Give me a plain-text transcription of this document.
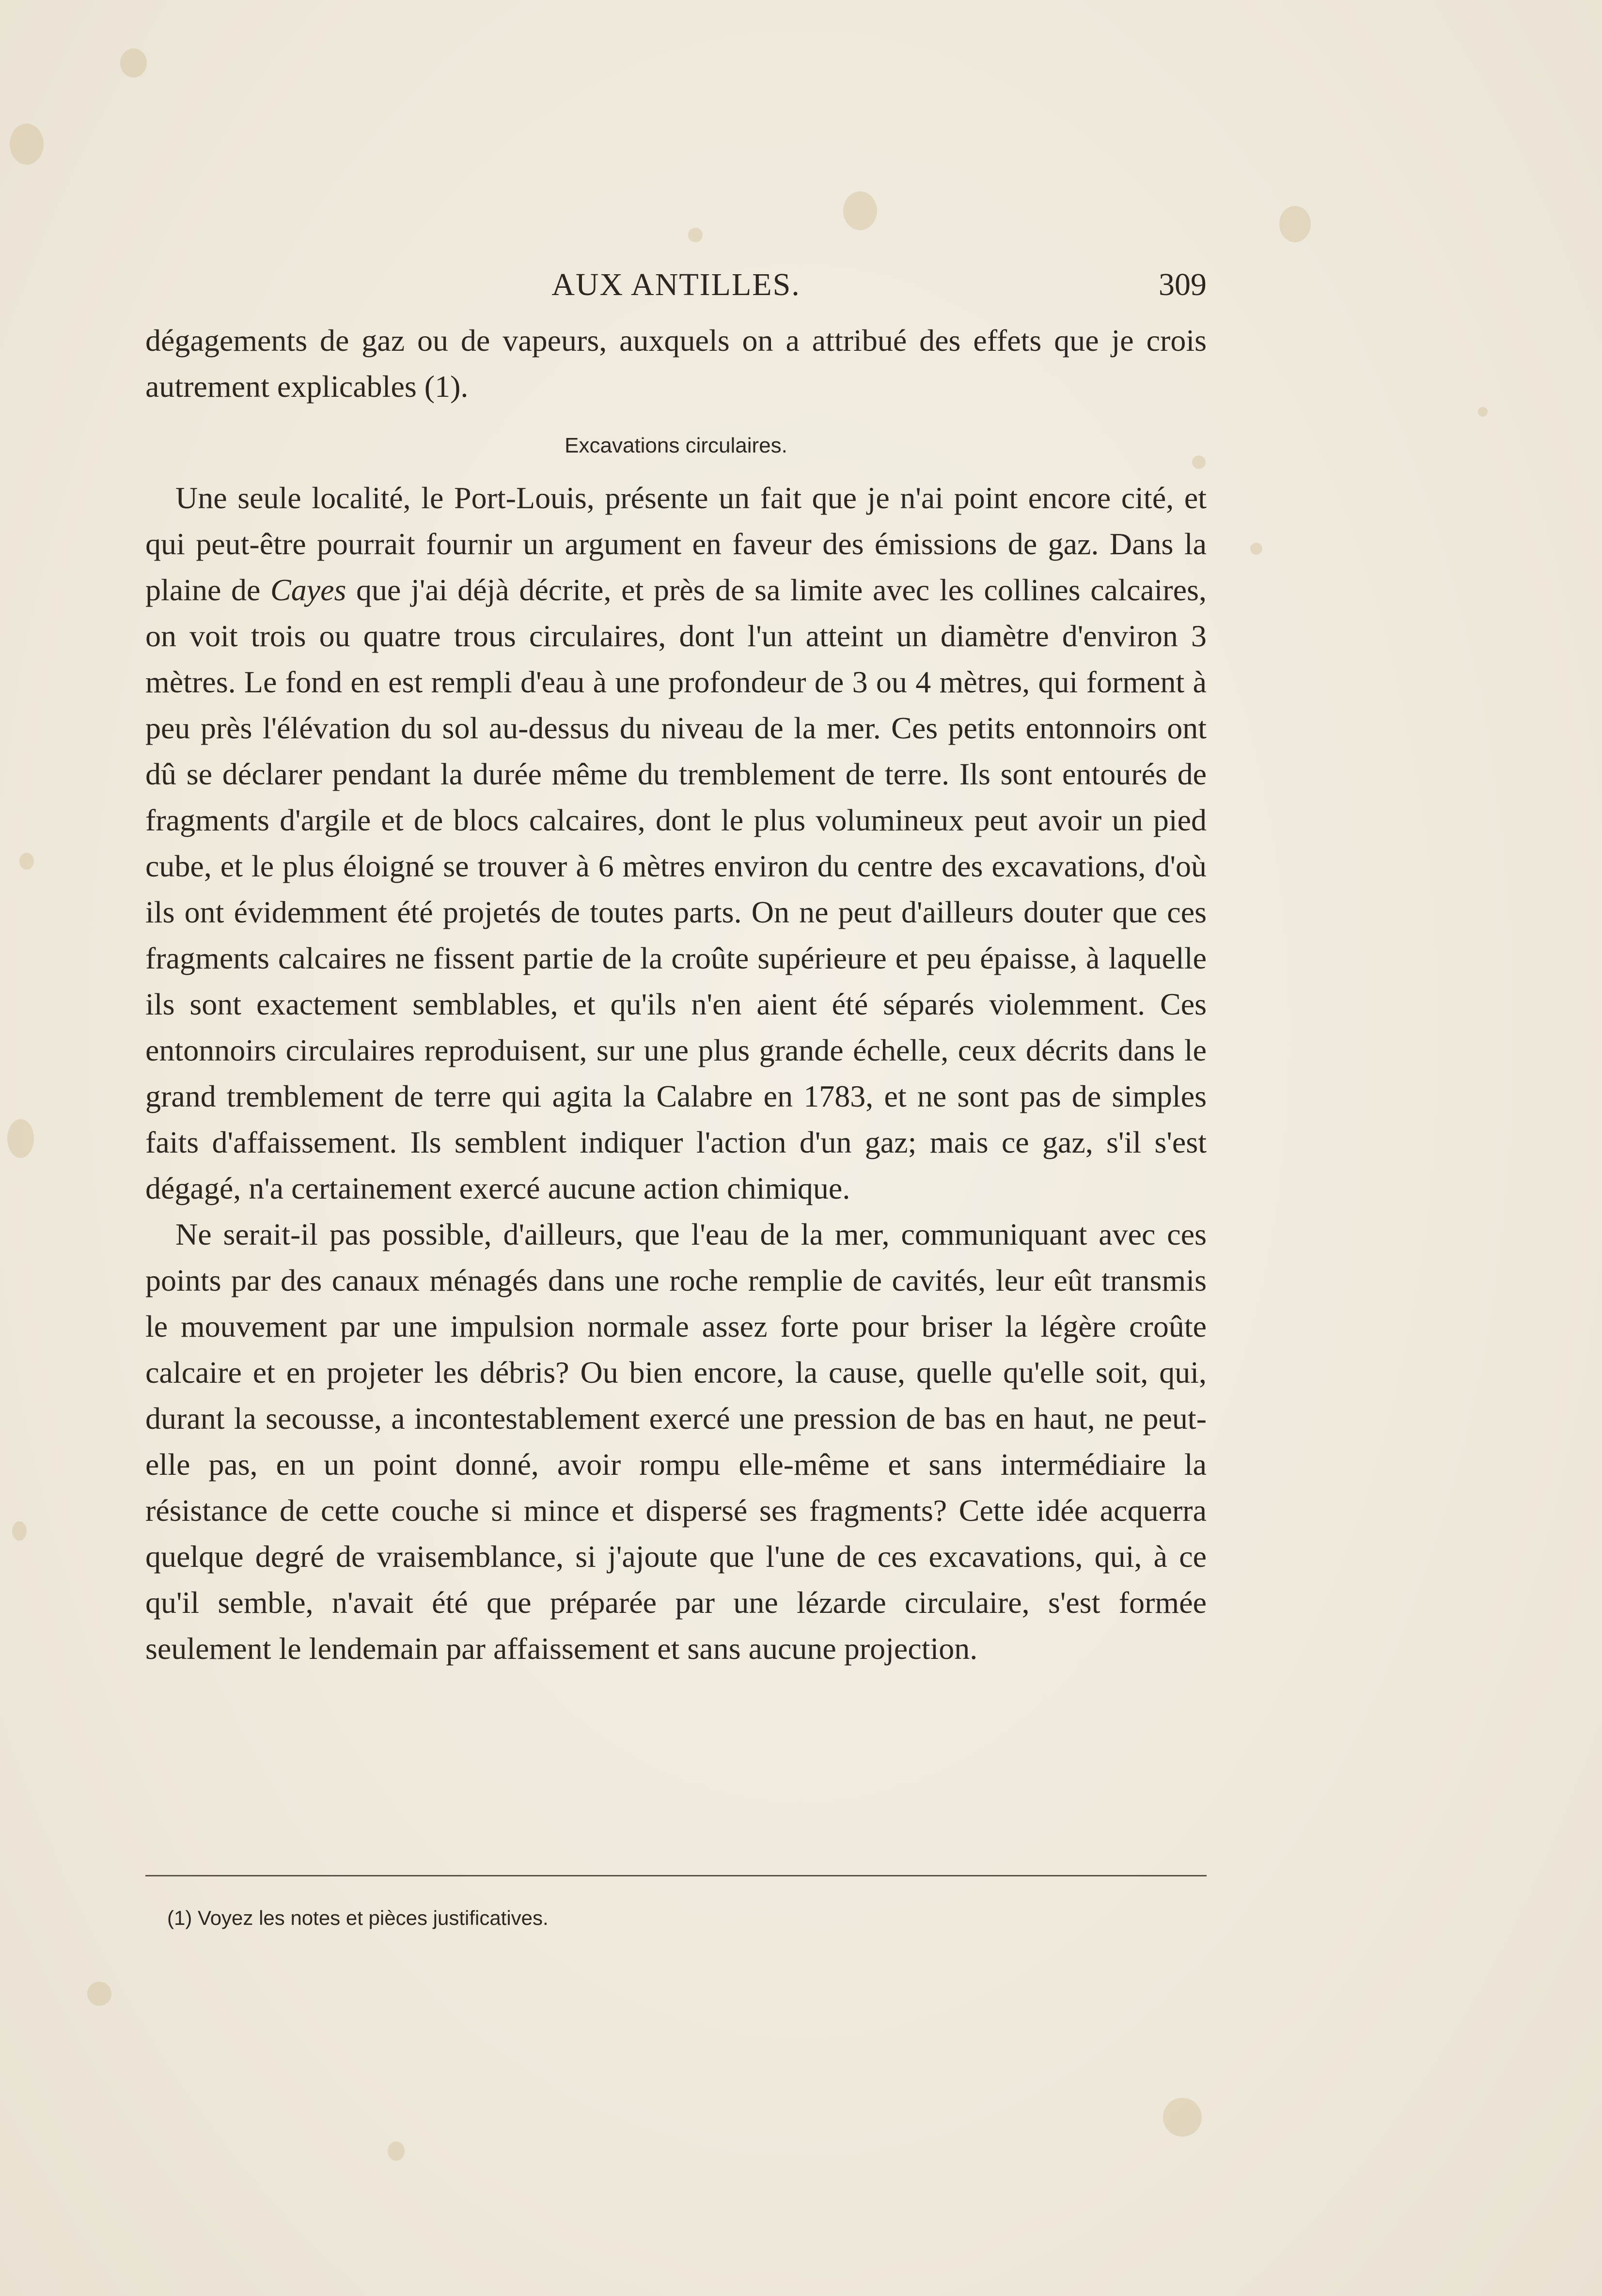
AUX ANTILLES.	309

dégagements de gaz ou de vapeurs, auxquels on a attribué des effets que je crois autrement explicables (1).

Excavations circulaires.

Une seule localité, le Port-Louis, présente un fait que je n'ai point encore cité, et qui peut-être pourrait fournir un argument en faveur des émissions de gaz. Dans la plaine de Cayes que j'ai déjà décrite, et près de sa limite avec les collines calcaires, on voit trois ou quatre trous circulaires, dont l'un atteint un diamètre d'environ 3 mètres. Le fond en est rempli d'eau à une profondeur de 3 ou 4 mètres, qui forment à peu près l'élévation du sol au-dessus du niveau de la mer. Ces petits entonnoirs ont dû se déclarer pendant la durée même du tremblement de terre. Ils sont entourés de fragments d'argile et de blocs calcaires, dont le plus volumineux peut avoir un pied cube, et le plus éloigné se trouver à 6 mètres environ du centre des excavations, d'où ils ont évidemment été projetés de toutes parts. On ne peut d'ailleurs douter que ces fragments calcaires ne fissent partie de la croûte supérieure et peu épaisse, à laquelle ils sont exactement semblables, et qu'ils n'en aient été séparés violemment. Ces entonnoirs circulaires reproduisent, sur une plus grande échelle, ceux décrits dans le grand tremblement de terre qui agita la Calabre en 1783, et ne sont pas de simples faits d'affaissement. Ils semblent indiquer l'action d'un gaz; mais ce gaz, s'il s'est dégagé, n'a certainement exercé aucune action chimique.

Ne serait-il pas possible, d'ailleurs, que l'eau de la mer, communiquant avec ces points par des canaux ménagés dans une roche remplie de cavités, leur eût transmis le mouvement par une impulsion normale assez forte pour briser la légère croûte calcaire et en projeter les débris? Ou bien encore, la cause, quelle qu'elle soit, qui, durant la secousse, a incontestablement exercé une pression de bas en haut, ne peut-elle pas, en un point donné, avoir rompu elle-même et sans intermédiaire la résistance de cette couche si mince et dispersé ses fragments? Cette idée acquerra quelque degré de vraisemblance, si j'ajoute que l'une de ces excavations, qui, à ce qu'il semble, n'avait été que préparée par une lézarde circulaire, s'est formée seulement le lendemain par affaissement et sans aucune projection.

(1) Voyez les notes et pièces justificatives.
